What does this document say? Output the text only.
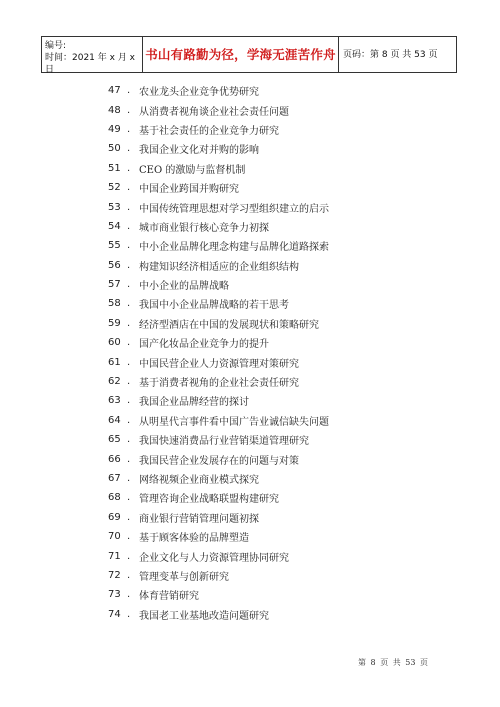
编号:
时间：2021 年 x 月 x 日
书山有路勤为径，学海无涯苦作舟 页码：第 8 页 共 53 页
47 . 农业龙头企业竞争优势研究
48 . 从消费者视角谈企业社会责任问题
49 . 基于社会责任的企业竞争力研究
50 . 我国企业文化对并购的影响
51 . CEO 的激励与监督机制
52 . 中国企业跨国并购研究
53 . 中国传统管理思想对学习型组织建立的启示
54 . 城市商业银行核心竞争力初探
55 . 中小企业品牌化理念构建与品牌化道路探索
56 . 构建知识经济相适应的企业组织结构
57 . 中小企业的品牌战略
58 . 我国中小企业品牌战略的若干思考
59 . 经济型酒店在中国的发展现状和策略研究
60 . 国产化妆品企业竞争力的提升
61 . 中国民营企业人力资源管理对策研究
62 . 基于消费者视角的企业社会责任研究
63 . 我国企业品牌经营的探讨
64 . 从明星代言事件看中国广告业诚信缺失问题
65 . 我国快速消费品行业营销渠道管理研究
66 . 我国民营企业发展存在的问题与对策
67 . 网络视频企业商业模式探究
68 . 管理咨询企业战略联盟构建研究
69 . 商业银行营销管理问题初探
70 . 基于顾客体验的品牌塑造
71 . 企业文化与人力资源管理协同研究
72 . 管理变革与创新研究
73 . 体育营销研究
74 . 我国老工业基地改造问题研究
第 8 页 共 53 页
